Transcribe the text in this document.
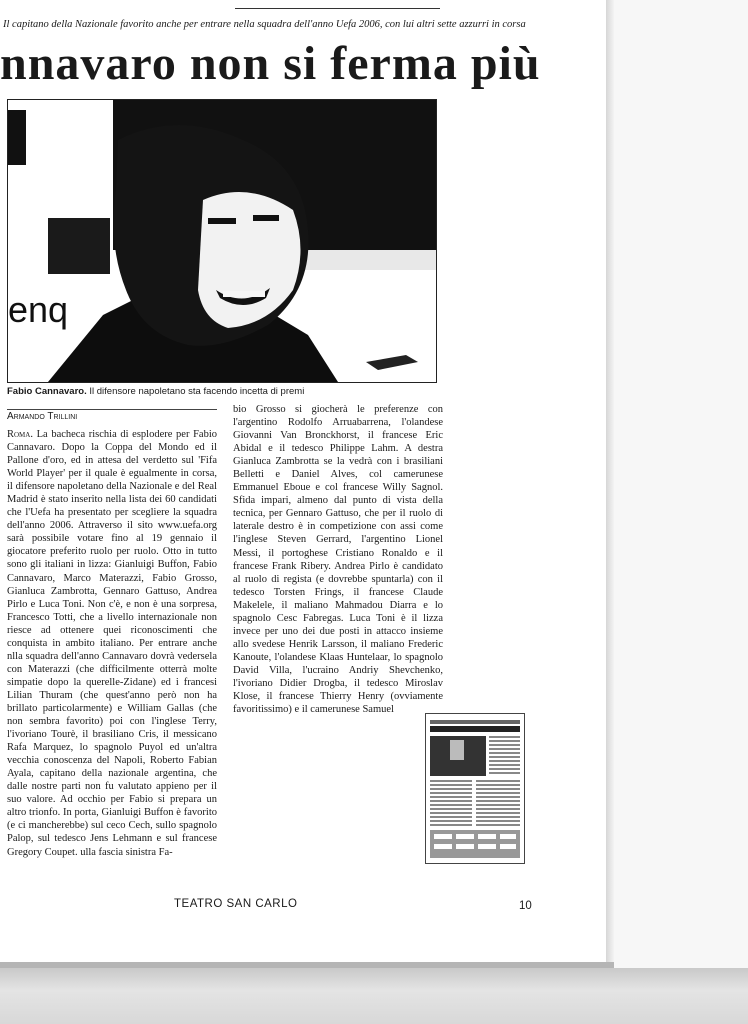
Il capitano della Nazionale favorito anche per entrare nella squadra dell'anno Uefa 2006, con lui altri sette azzurri in corsa
nnavaro non si ferma più
enq
Fabio Cannavaro. Il difensore napoletano sta facendo incetta di premi
Armando Trillini
Roma. La bacheca rischia di esplodere per Fabio Cannavaro. Dopo la Coppa del Mondo ed il Pallone d'oro, ed in attesa del verdetto sul 'Fifa World Player' per il quale è egualmente in corsa, il difensore napoletano della Nazionale e del Real Madrid è stato inserito nella lista dei 60 candidati che l'Uefa ha presentato per scegliere la squadra dell'anno 2006. Attraverso il sito www.uefa.org sarà possibile votare fino al 19 gennaio il giocatore preferito ruolo per ruolo. Otto in tutto sono gli italiani in lizza: Gianluigi Buffon, Fabio Cannavaro, Marco Materazzi, Fabio Grosso, Gianluca Zambrotta, Gennaro Gattuso, Andrea Pirlo e Luca Toni. Non c'è, e non è una sorpresa, Francesco Totti, che a livello internazionale non riesce ad ottenere quei riconoscimenti che conquista in ambito italiano. Per entrare anche nlla squadra dell'anno Cannavaro dovrà vedersela con Materazzi (che difficilmente otterrà molte simpatie dopo la querelle-Zidane) ed i francesi Lilian Thuram (che quest'anno però non ha brillato particolarmente) e William Gallas (che non sembra favorito) poi con l'inglese Terry, l'ivoriano Tourè, il brasiliano Cris, il messicano Rafa Marquez, lo spagnolo Puyol ed un'altra vecchia conoscenza del Napoli, Roberto Fabian Ayala, capitano della nazionale argentina, che dalle nostre parti non fu valutato appieno per il suo valore. Ad occhio per Fabio si prepara un altro trionfo. In porta, Gianluigi Buffon è favorito (e ci mancherebbe) sul ceco Cech, sullo spagnolo Palop, sul tedesco Jens Lehmann e sul francese Gregory Coupet. ulla fascia sinistra Fa-
bio Grosso si giocherà le preferenze con l'argentino Rodolfo Arruabarrena, l'olandese Giovanni Van Bronckhorst, il francese Eric Abidal e il tedesco Philippe Lahm. A destra Gianluca Zambrotta se la vedrà con i brasiliani Belletti e Daniel Alves, col camerunese Emmanuel Eboue e col francese Willy Sagnol. Sfida impari, almeno dal punto di vista della tecnica, per Gennaro Gattuso, che per il ruolo di laterale destro è in competizione con assi come l'inglese Steven Gerrard, l'argentino Lionel Messi, il portoghese Cristiano Ronaldo e il francese Frank Ribery. Andrea Pirlo è candidato al ruolo di regista (e dovrebbe spuntarla) con il tedesco Torsten Frings, il francese Claude Makelele, il maliano Mahmadou Diarra e lo spagnolo Cesc Fabregas. Luca Toni è il lizza invece per uno dei due posti in attacco insieme allo svedese Henrik Larsson, il maliano Frederic Kanoute, l'olandese Klaas Huntelaar, lo spagnolo David Villa, l'ucraino Andriy Shevchenko, l'ivoriano Didier Drogba, il tedesco Miroslav Klose, il francese Thierry Henry (ovviamente favoritissimo) e il camerunese Samuel
TEATRO SAN CARLO	10
